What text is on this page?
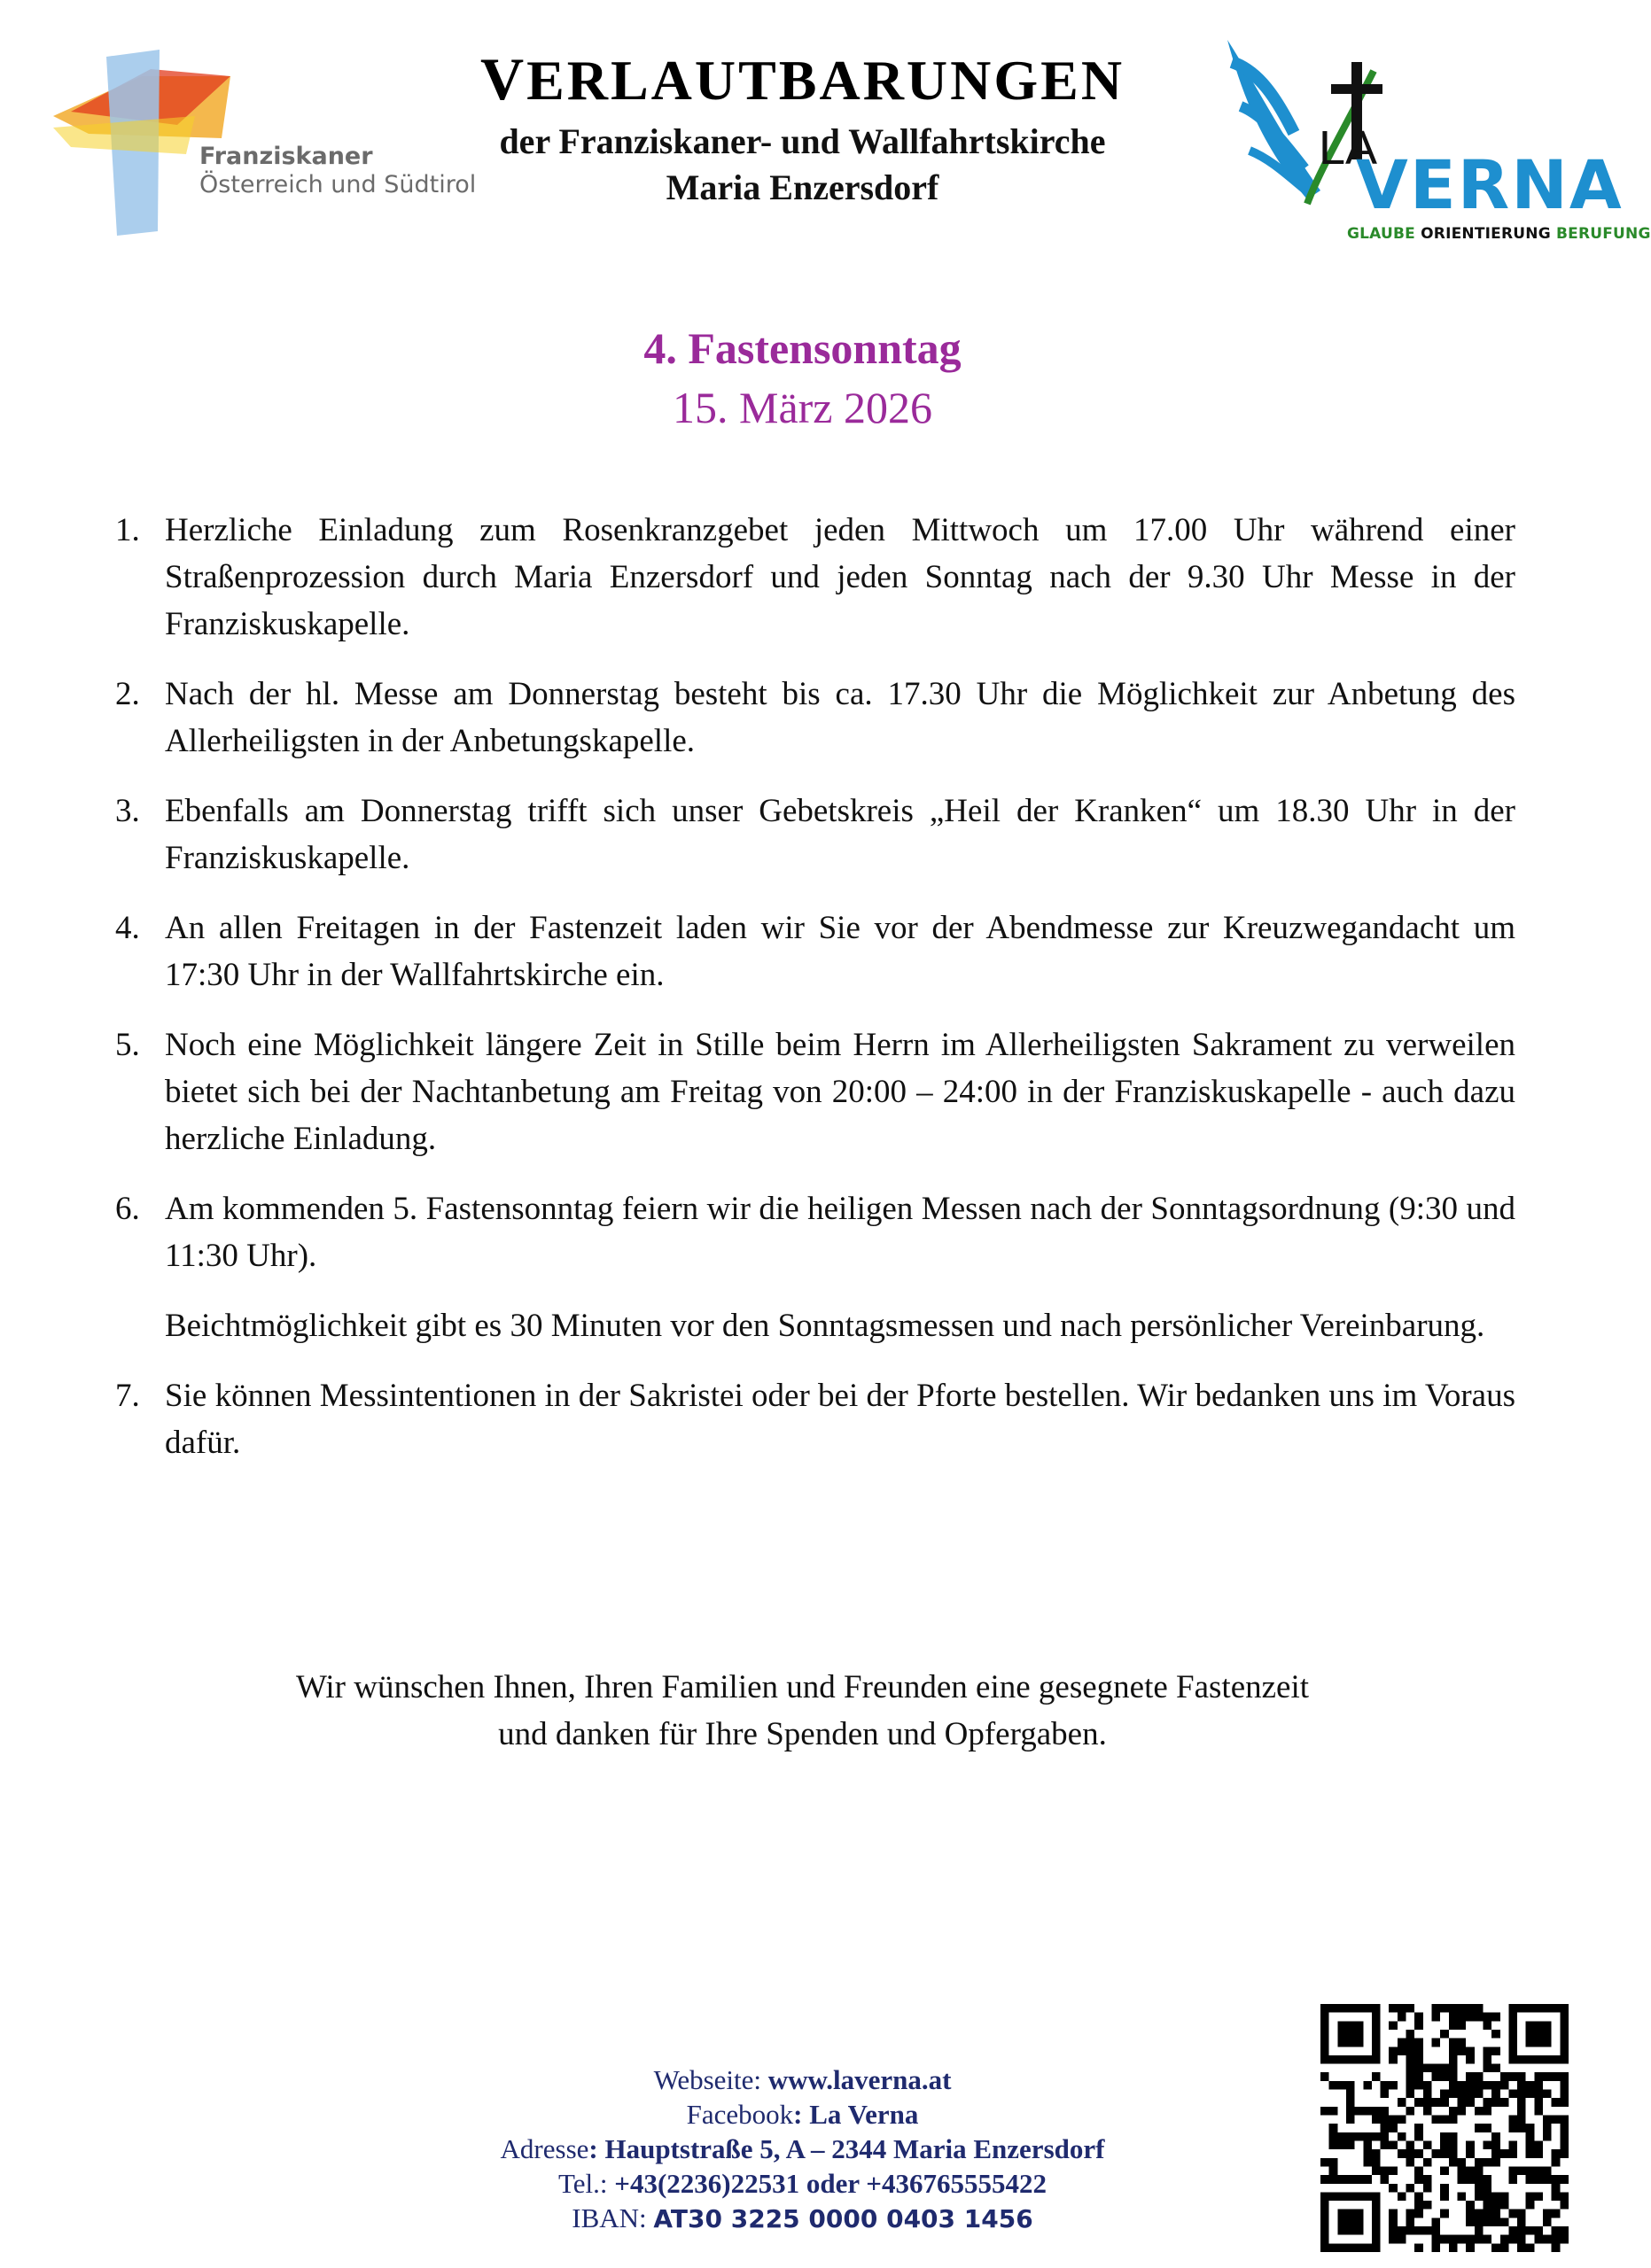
Franziskaner
Österreich und Südtirol
VERLAUTBARUNGEN
der Franziskaner- und Wallfahrtskirche
Maria Enzersdorf
LA
VERNA
GLAUBE ORIENTIERUNG BERUFUNG
4. Fastensonntag
15. März 2026
1. Herzliche Einladung zum Rosenkranzgebet jeden Mittwoch um 17.00 Uhr während einer Straßenprozession durch Maria Enzersdorf und jeden Sonntag nach der 9.30 Uhr Messe in der Franziskuskapelle.
2. Nach der hl. Messe am Donnerstag besteht bis ca. 17.30 Uhr die Möglichkeit zur Anbetung des Allerheiligsten in der Anbetungskapelle.
3. Ebenfalls am Donnerstag trifft sich unser Gebetskreis „Heil der Kranken“ um 18.30 Uhr in der Franziskuskapelle.
4. An allen Freitagen in der Fastenzeit laden wir Sie vor der Abendmesse zur Kreuzwegandacht um 17:30 Uhr in der Wallfahrtskirche ein.
5. Noch eine Möglichkeit längere Zeit in Stille beim Herrn im Allerheiligsten Sakrament zu verweilen bietet sich bei der Nachtanbetung am Freitag von 20:00 – 24:00 in der Franziskuskapelle - auch dazu herzliche Einladung.
6. Am kommenden 5. Fastensonntag feiern wir die heiligen Messen nach der Sonntagsordnung (9:30 und 11:30 Uhr).
Beichtmöglichkeit gibt es 30 Minuten vor den Sonntagsmessen und nach persönlicher Vereinbarung.
7. Sie können Messintentionen in der Sakristei oder bei der Pforte bestellen. Wir bedanken uns im Voraus dafür.
Wir wünschen Ihnen, Ihren Familien und Freunden eine gesegnete Fastenzeit
und danken für Ihre Spenden und Opfergaben.
Webseite: www.laverna.at
Facebook: La Verna
Adresse: Hauptstraße 5, A – 2344 Maria Enzersdorf
Tel.: +43(2236)22531 oder +436765555422
IBAN: AT30 3225 0000 0403 1456
